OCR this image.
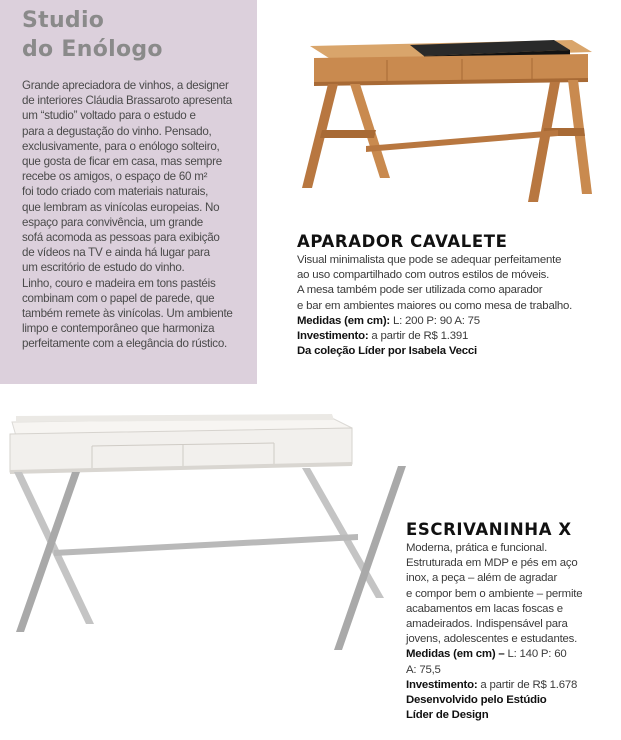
Studio
do Enólogo
Grande apreciadora de vinhos, a designer
de interiores Cláudia Brassaroto apresenta
um “studio” voltado para o estudo e
para a degustação do vinho. Pensado,
exclusivamente, para o enólogo solteiro,
que gosta de ficar em casa, mas sempre
recebe os amigos, o espaço de 60 m²
foi todo criado com materiais naturais,
que lembram as vinícolas europeias. No
espaço para convivência, um grande
sofá acomoda as pessoas para exibição
de vídeos na TV e ainda há lugar para
um escritório de estudo do vinho.
Linho, couro e madeira em tons pastéis
combinam com o papel de parede, que
também remete às vinícolas. Um ambiente
limpo e contemporâneo que harmoniza
perfeitamente com a elegância do rústico.
APARADOR CAVALETE
Visual minimalista que pode se adequar perfeitamente
ao uso compartilhado com outros estilos de móveis.
A mesa também pode ser utilizada como aparador
e bar em ambientes maiores ou como mesa de trabalho.
Medidas (em cm): L: 200 P: 90 A: 75
Investimento: a partir de R$ 1.391
Da coleção Líder por Isabela Vecci
ESCRIVANINHA X
Moderna, prática e funcional.
Estruturada em MDP e pés em aço
inox, a peça – além de agradar
e compor bem o ambiente – permite
acabamentos em lacas foscas e
amadeirados. Indispensável para
jovens, adolescentes e estudantes.
Medidas (em cm) – L: 140 P: 60
A: 75,5
Investimento: a partir de R$ 1.678
Desenvolvido pelo Estúdio
Líder de Design
